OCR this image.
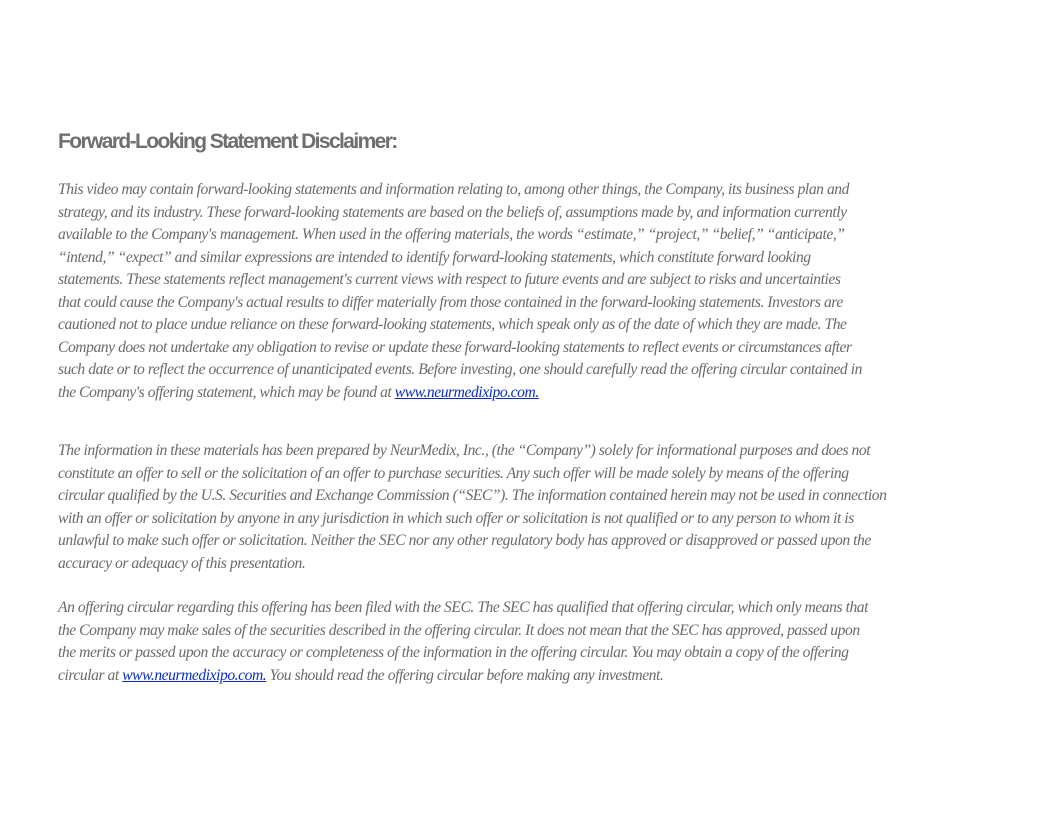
Forward-Looking Statement Disclaimer:

This video may contain forward-looking statements and information relating to, among other things, the Company, its business plan and
strategy, and its industry. These forward-looking statements are based on the beliefs of, assumptions made by, and information currently
available to the Company's management. When used in the offering materials, the words “estimate,” “project,” “belief,” “anticipate,”
“intend,” “expect” and similar expressions are intended to identify forward-looking statements, which constitute forward looking
statements. These statements reflect management's current views with respect to future events and are subject to risks and uncertainties
that could cause the Company's actual results to differ materially from those contained in the forward-looking statements. Investors are
cautioned not to place undue reliance on these forward-looking statements, which speak only as of the date of which they are made. The
Company does not undertake any obligation to revise or update these forward-looking statements to reflect events or circumstances after
such date or to reflect the occurrence of unanticipated events. Before investing, one should carefully read the offering circular contained in
the Company's offering statement, which may be found at www.neurmedixipo.com.

The information in these materials has been prepared by NeurMedix, Inc., (the “Company”) solely for informational purposes and does not
constitute an offer to sell or the solicitation of an offer to purchase securities. Any such offer will be made solely by means of the offering
circular qualified by the U.S. Securities and Exchange Commission (“SEC”). The information contained herein may not be used in connection
with an offer or solicitation by anyone in any jurisdiction in which such offer or solicitation is not qualified or to any person to whom it is
unlawful to make such offer or solicitation. Neither the SEC nor any other regulatory body has approved or disapproved or passed upon the
accuracy or adequacy of this presentation.

An offering circular regarding this offering has been filed with the SEC. The SEC has qualified that offering circular, which only means that
the Company may make sales of the securities described in the offering circular. It does not mean that the SEC has approved, passed upon
the merits or passed upon the accuracy or completeness of the information in the offering circular. You may obtain a copy of the offering
circular at www.neurmedixipo.com. You should read the offering circular before making any investment.
